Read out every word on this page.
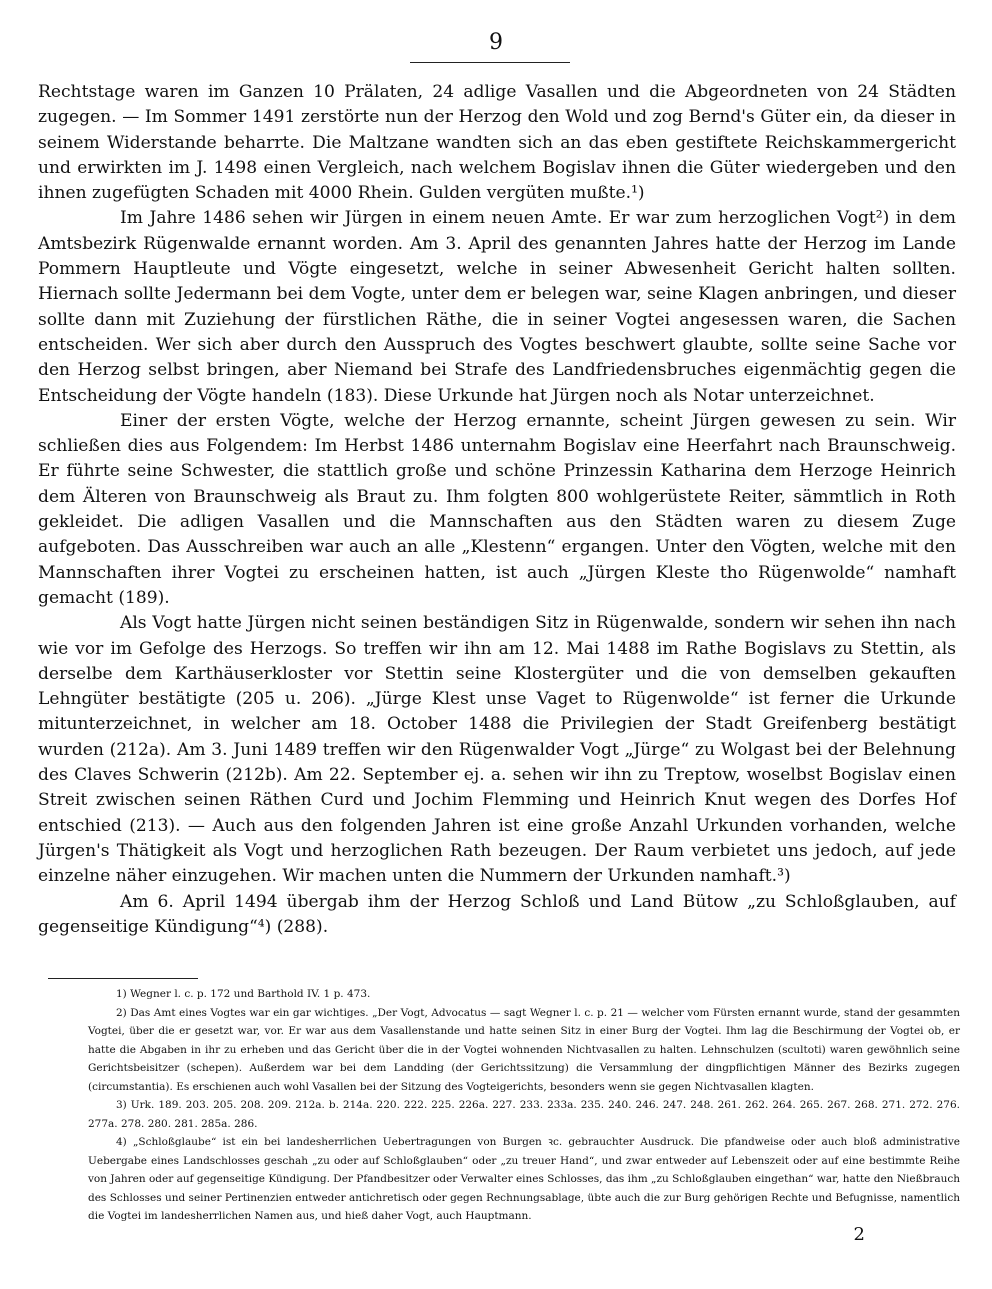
9

Rechtstage waren im Ganzen 10 Prälaten, 24 adlige Vasallen und die Abgeordneten von 24 Städten zugegen. — Im Sommer 1491 zerstörte nun der Herzog den Wold und zog Bernd's Güter ein, da dieser in seinem Widerstande beharrte. Die Maltzane wandten sich an das eben gestiftete Reichskammergericht und erwirkten im J. 1498 einen Vergleich, nach welchem Bogislav ihnen die Güter wiedergeben und den ihnen zugefügten Schaden mit 4000 Rhein. Gulden vergüten mußte.¹)

Im Jahre 1486 sehen wir Jürgen in einem neuen Amte. Er war zum herzoglichen Vogt²) in dem Amtsbezirk Rügenwalde ernannt worden. Am 3. April des genannten Jahres hatte der Herzog im Lande Pommern Hauptleute und Vögte eingesetzt, welche in seiner Abwesenheit Gericht halten sollten. Hiernach sollte Jedermann bei dem Vogte, unter dem er belegen war, seine Klagen anbringen, und dieser sollte dann mit Zuziehung der fürstlichen Räthe, die in seiner Vogtei angesessen waren, die Sachen entscheiden. Wer sich aber durch den Ausspruch des Vogtes beschwert glaubte, sollte seine Sache vor den Herzog selbst bringen, aber Niemand bei Strafe des Landfriedensbruches eigenmächtig gegen die Entscheidung der Vögte handeln (183). Diese Urkunde hat Jürgen noch als Notar unterzeichnet.

Einer der ersten Vögte, welche der Herzog ernannte, scheint Jürgen gewesen zu sein. Wir schließen dies aus Folgendem: Im Herbst 1486 unternahm Bogislav eine Heerfahrt nach Braunschweig. Er führte seine Schwester, die stattlich große und schöne Prinzessin Katharina dem Herzoge Heinrich dem Älteren von Braunschweig als Braut zu. Ihm folgten 800 wohlgerüstete Reiter, sämmtlich in Roth gekleidet. Die adligen Vasallen und die Mannschaften aus den Städten waren zu diesem Zuge aufgeboten. Das Ausschreiben war auch an alle „Klestenn“ ergangen. Unter den Vögten, welche mit den Mannschaften ihrer Vogtei zu erscheinen hatten, ist auch „Jürgen Kleste tho Rügenwolde“ namhaft gemacht (189).

Als Vogt hatte Jürgen nicht seinen beständigen Sitz in Rügenwalde, sondern wir sehen ihn nach wie vor im Gefolge des Herzogs. So treffen wir ihn am 12. Mai 1488 im Rathe Bogislavs zu Stettin, als derselbe dem Karthäuserkloster vor Stettin seine Klostergüter und die von demselben gekauften Lehngüter bestätigte (205 u. 206). „Jürge Klest unse Vaget to Rügenwolde“ ist ferner die Urkunde mitunterzeichnet, in welcher am 18. October 1488 die Privilegien der Stadt Greifenberg bestätigt wurden (212a). Am 3. Juni 1489 treffen wir den Rügenwalder Vogt „Jürge“ zu Wolgast bei der Belehnung des Claves Schwerin (212b). Am 22. September ej. a. sehen wir ihn zu Treptow, woselbst Bogislav einen Streit zwischen seinen Räthen Curd und Jochim Flemming und Heinrich Knut wegen des Dorfes Hof entschied (213). — Auch aus den folgenden Jahren ist eine große Anzahl Urkunden vorhanden, welche Jürgen's Thätigkeit als Vogt und herzoglichen Rath bezeugen. Der Raum verbietet uns jedoch, auf jede einzelne näher einzugehen. Wir machen unten die Nummern der Urkunden namhaft.³)

Am 6. April 1494 übergab ihm der Herzog Schloß und Land Bütow „zu Schloßglauben, auf gegenseitige Kündigung“⁴) (288).

1) Wegner l. c. p. 172 und Barthold IV. 1 p. 473.

2) Das Amt eines Vogtes war ein gar wichtiges. „Der Vogt, Advocatus — sagt Wegner l. c. p. 21 — welcher vom Fürsten ernannt wurde, stand der gesammten Vogtei, über die er gesetzt war, vor. Er war aus dem Vasallenstande und hatte seinen Sitz in einer Burg der Vogtei. Ihm lag die Beschirmung der Vogtei ob, er hatte die Abgaben in ihr zu erheben und das Gericht über die in der Vogtei wohnenden Nichtvasallen zu halten. Lehnschulzen (scultoti) waren gewöhnlich seine Gerichtsbeisitzer (schepen). Außerdem war bei dem Landding (der Gerichtssitzung) die Versammlung der dingpflichtigen Männer des Bezirks zugegen (circumstantia). Es erschienen auch wohl Vasallen bei der Sitzung des Vogteigerichts, besonders wenn sie gegen Nichtvasallen klagten.

3) Urk. 189. 203. 205. 208. 209. 212a. b. 214a. 220. 222. 225. 226a. 227. 233. 233a. 235. 240. 246. 247. 248. 261. 262. 264. 265. 267. 268. 271. 272. 276. 277a. 278. 280. 281. 285a. 286.

4) „Schloßglaube“ ist ein bei landesherrlichen Uebertragungen von Burgen ꝛc. gebrauchter Ausdruck. Die pfandweise oder auch bloß administrative Uebergabe eines Landschlosses geschah „zu oder auf Schloßglauben“ oder „zu treuer Hand“, und zwar entweder auf Lebenszeit oder auf eine bestimmte Reihe von Jahren oder auf gegenseitige Kündigung. Der Pfandbesitzer oder Verwalter eines Schlosses, das ihm „zu Schloßglauben eingethan“ war, hatte den Nießbrauch des Schlosses und seiner Pertinenzien entweder antichretisch oder gegen Rechnungsablage, übte auch die zur Burg gehörigen Rechte und Befugnisse, namentlich die Vogtei im landesherrlichen Namen aus, und hieß daher Vogt, auch Hauptmann.

2
